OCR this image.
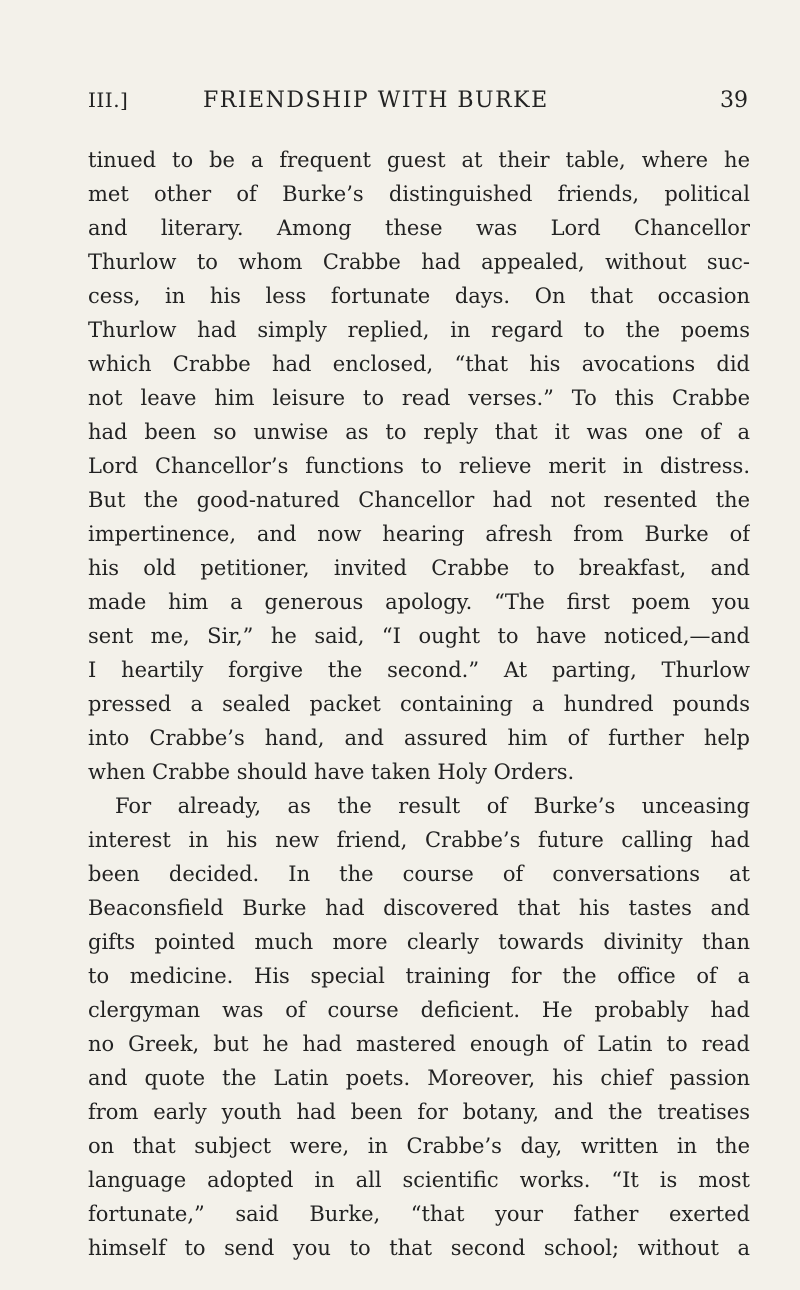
III.]	FRIENDSHIP WITH BURKE	39
tinued to be a frequent guest at their table, where he
met other of Burke’s distinguished friends, political
and literary. Among these was Lord Chancellor
Thurlow to whom Crabbe had appealed, without suc-
cess, in his less fortunate days. On that occasion
Thurlow had simply replied, in regard to the poems
which Crabbe had enclosed, “that his avocations did
not leave him leisure to read verses.” To this Crabbe
had been so unwise as to reply that it was one of a
Lord Chancellor’s functions to relieve merit in distress.
But the good-natured Chancellor had not resented the
impertinence, and now hearing afresh from Burke of
his old petitioner, invited Crabbe to breakfast, and
made him a generous apology. “The first poem you
sent me, Sir,” he said, “I ought to have noticed,—and
I heartily forgive the second.” At parting, Thurlow
pressed a sealed packet containing a hundred pounds
into Crabbe’s hand, and assured him of further help
when Crabbe should have taken Holy Orders.
For already, as the result of Burke’s unceasing
interest in his new friend, Crabbe’s future calling had
been decided. In the course of conversations at
Beaconsfield Burke had discovered that his tastes and
gifts pointed much more clearly towards divinity than
to medicine. His special training for the office of a
clergyman was of course deficient. He probably had
no Greek, but he had mastered enough of Latin to read
and quote the Latin poets. Moreover, his chief passion
from early youth had been for botany, and the treatises
on that subject were, in Crabbe’s day, written in the
language adopted in all scientific works. “It is most
fortunate,” said Burke, “that your father exerted
himself to send you to that second school; without a
